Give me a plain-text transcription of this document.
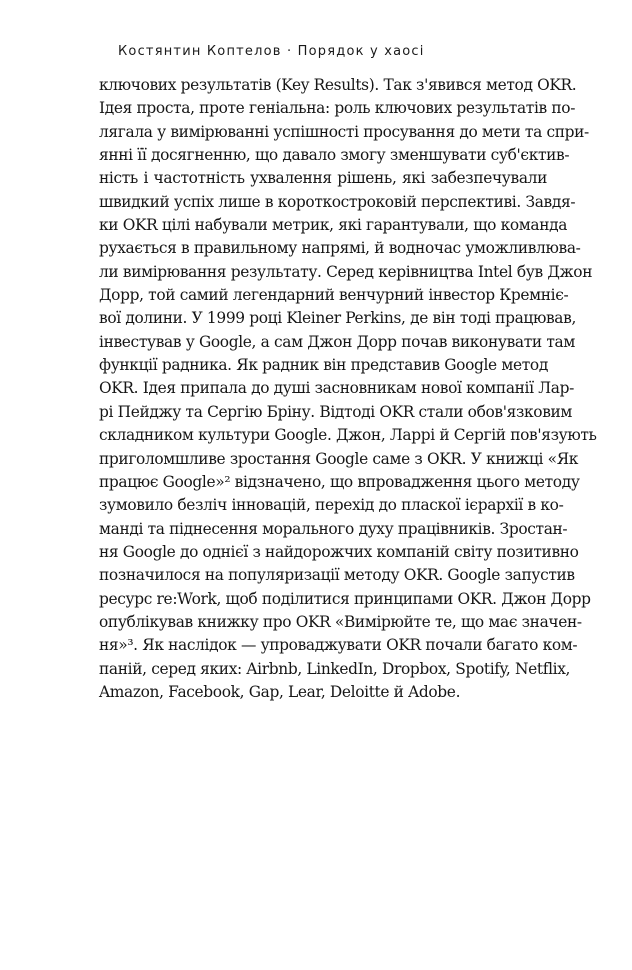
Костянтин Коптелов · Порядок у хаосі
ключових результатів (Key Results). Так з'явився метод OKR.
Ідея проста, проте геніальна: роль ключових результатів по-
лягала у вимірюванні успішності просування до мети та спри-
янні її досягненню, що давало змогу зменшувати суб'єктив-
ність і частотність ухвалення рішень, які забезпечували
швидкий успіх лише в короткостроковій перспективі. Завдя-
ки OKR цілі набували метрик, які гарантували, що команда
рухається в правильному напрямі, й водночас уможливлюва-
ли вимірювання результату. Серед керівництва Intel був Джон
Дорр, той самий легендарний венчурний інвестор Кремніє-
вої долини. У 1999 році Kleiner Perkins, де він тоді працював,
інвестував у Google, а сам Джон Дорр почав виконувати там
функції радника. Як радник він представив Google метод
OKR. Ідея припала до душі засновникам нової компанії Лар-
рі Пейджу та Сергію Бріну. Відтоді OKR стали обов'язковим
складником культури Google. Джон, Ларрі й Сергій пов'язують
приголомшливе зростання Google саме з OKR. У книжці «Як
працює Google»² відзначено, що впровадження цього методу
зумовило безліч інновацій, перехід до пласкої ієрархії в ко-
манді та піднесення морального духу працівників. Зростан-
ня Google до однієї з найдорожчих компаній світу позитивно
позначилося на популяризації методу OKR. Google запустив
ресурс re:Work, щоб поділитися принципами OKR. Джон Дорр
опублікував книжку про OKR «Вимірюйте те, що має значен-
ня»³. Як наслідок — упроваджувати OKR почали багато ком-
паній, серед яких: Airbnb, LinkedIn, Dropbox, Spotify, Netflix,
Amazon, Facebook, Gap, Lear, Deloitte й Adobe.
